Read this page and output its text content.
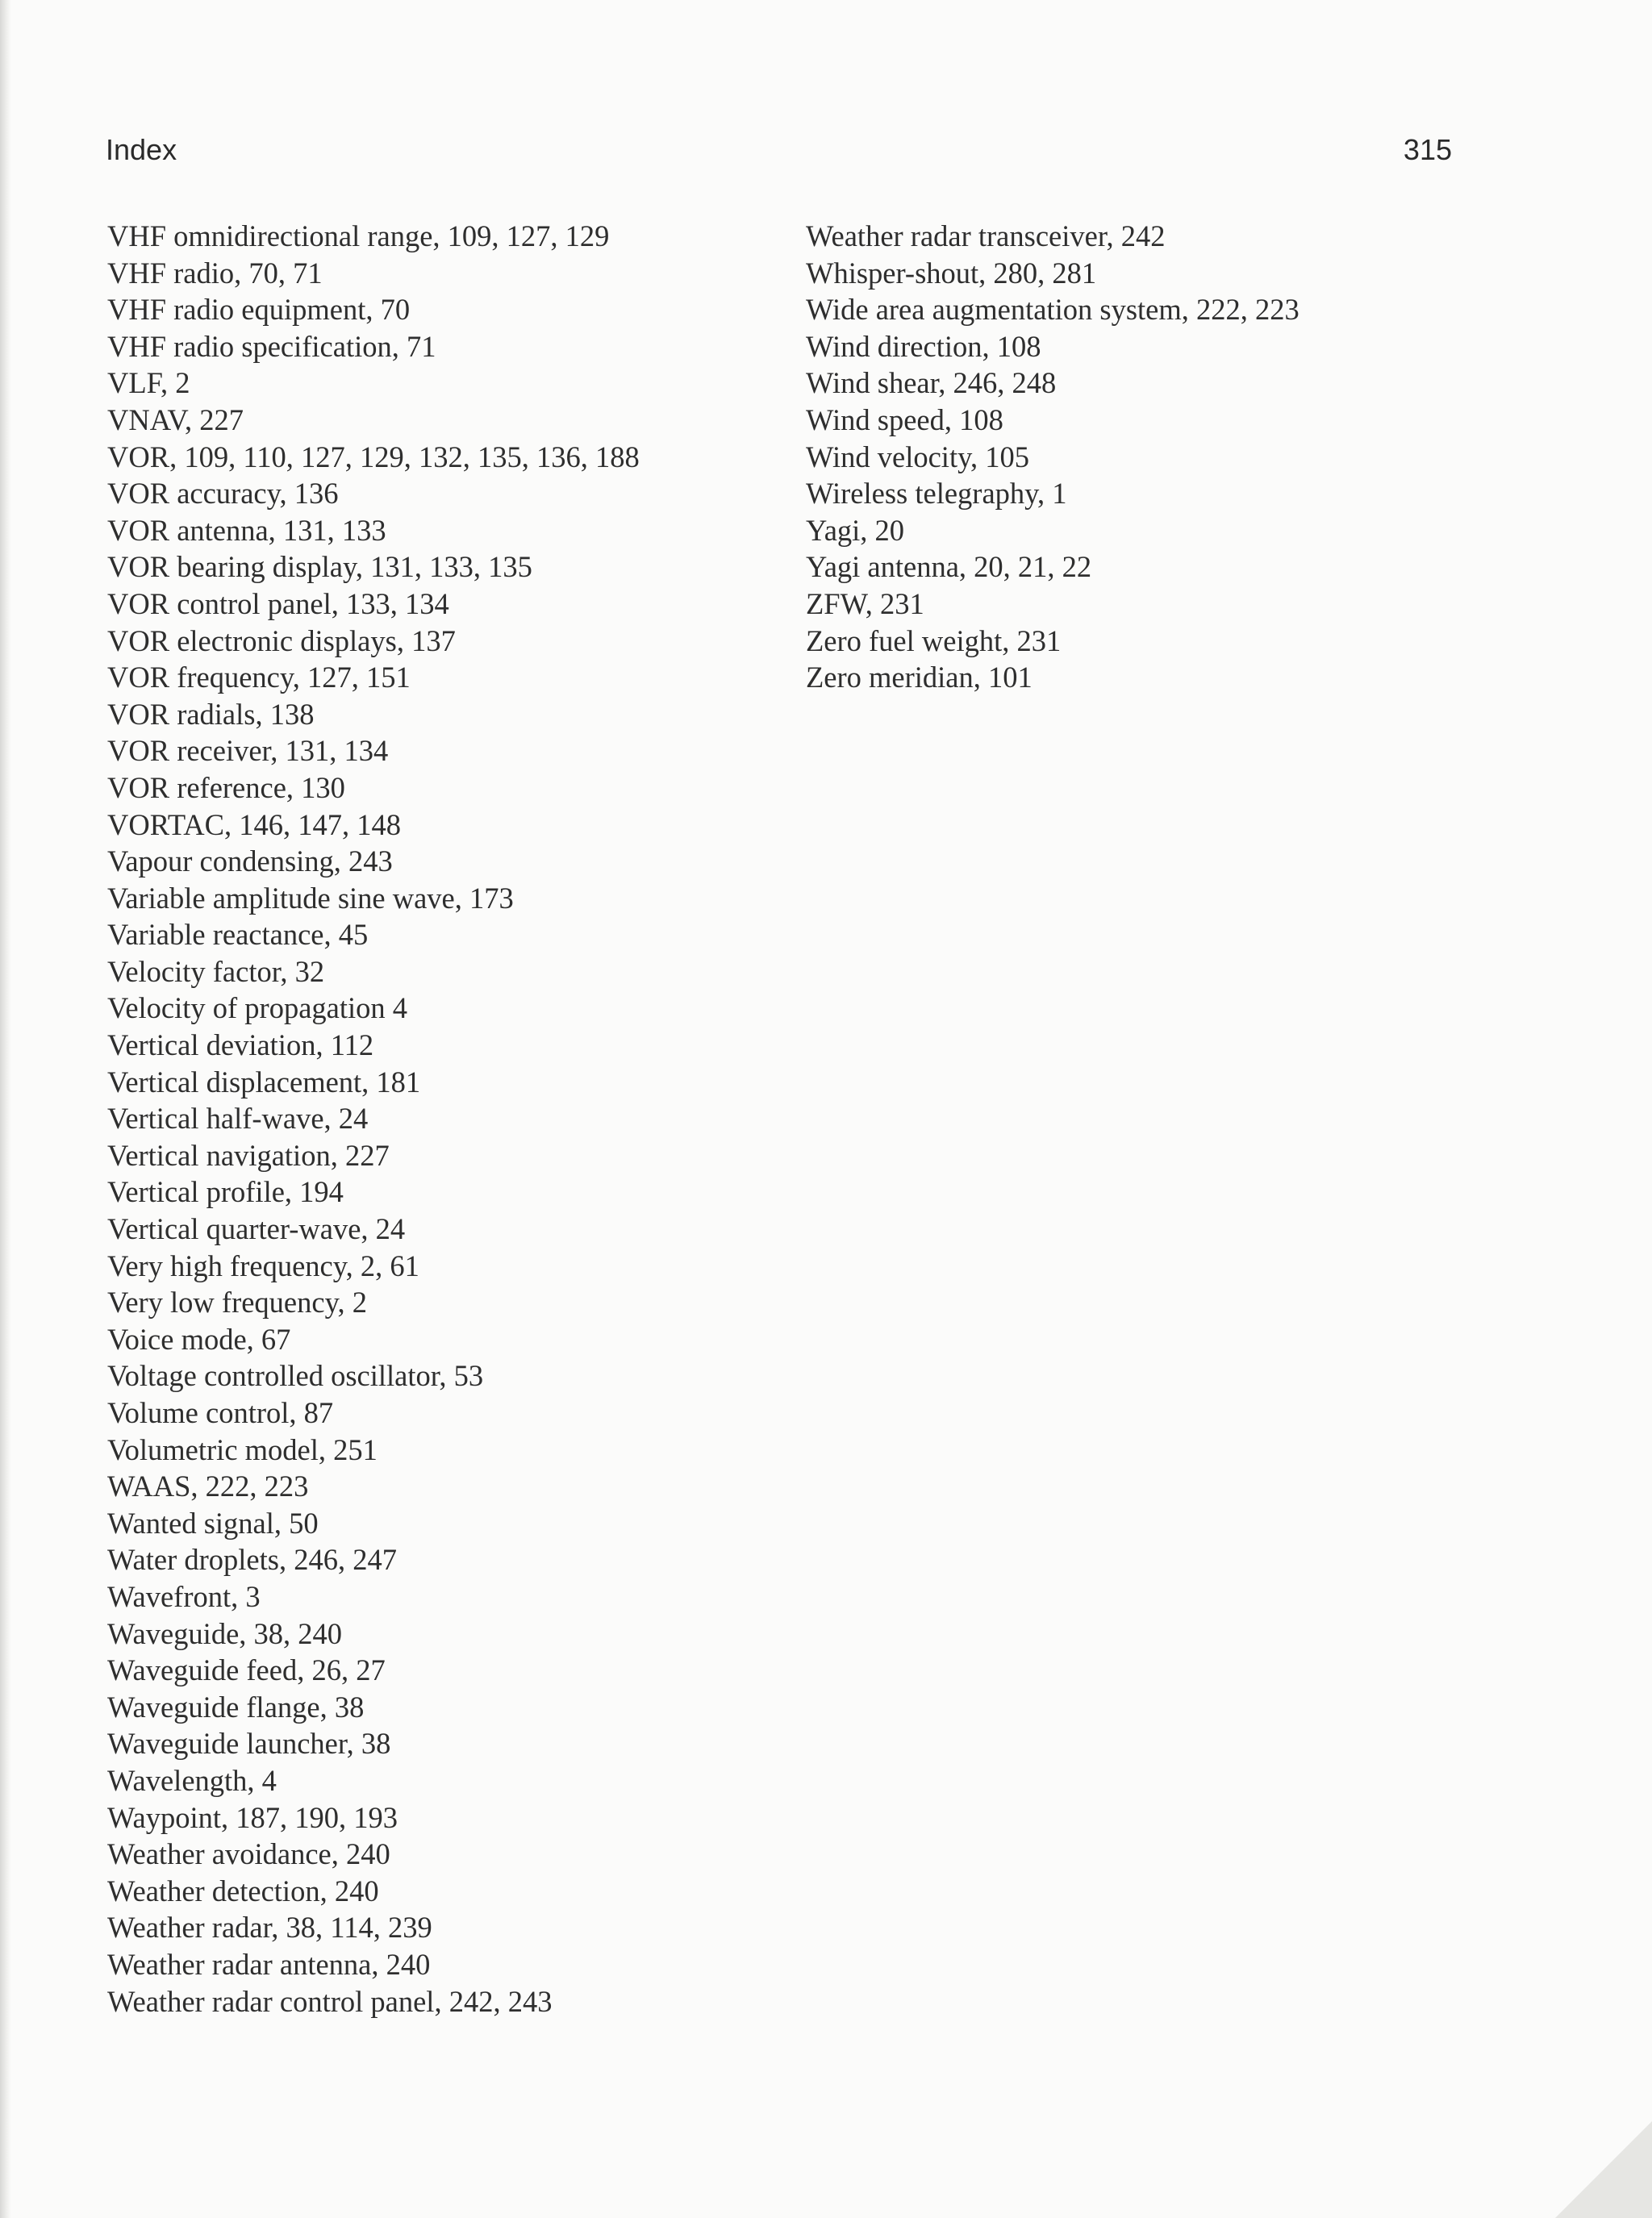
Index	315
VHF omnidirectional range, 109, 127, 129
VHF radio, 70, 71
VHF radio equipment, 70
VHF radio specification, 71
VLF, 2
VNAV, 227
VOR, 109, 110, 127, 129, 132, 135, 136, 188
VOR accuracy, 136
VOR antenna, 131, 133
VOR bearing display, 131, 133, 135
VOR control panel, 133, 134
VOR electronic displays, 137
VOR frequency, 127, 151
VOR radials, 138
VOR receiver, 131, 134
VOR reference, 130
VORTAC, 146, 147, 148
Vapour condensing, 243
Variable amplitude sine wave, 173
Variable reactance, 45
Velocity factor, 32
Velocity of propagation 4
Vertical deviation, 112
Vertical displacement, 181
Vertical half-wave, 24
Vertical navigation, 227
Vertical profile, 194
Vertical quarter-wave, 24
Very high frequency, 2, 61
Very low frequency, 2
Voice mode, 67
Voltage controlled oscillator, 53
Volume control, 87
Volumetric model, 251
WAAS, 222, 223
Wanted signal, 50
Water droplets, 246, 247
Wavefront, 3
Waveguide, 38, 240
Waveguide feed, 26, 27
Waveguide flange, 38
Waveguide launcher, 38
Wavelength, 4
Waypoint, 187, 190, 193
Weather avoidance, 240
Weather detection, 240
Weather radar, 38, 114, 239
Weather radar antenna, 240
Weather radar control panel, 242, 243
Weather radar transceiver, 242
Whisper-shout, 280, 281
Wide area augmentation system, 222, 223
Wind direction, 108
Wind shear, 246, 248
Wind speed, 108
Wind velocity, 105
Wireless telegraphy, 1
Yagi, 20
Yagi antenna, 20, 21, 22
ZFW, 231
Zero fuel weight, 231
Zero meridian, 101
